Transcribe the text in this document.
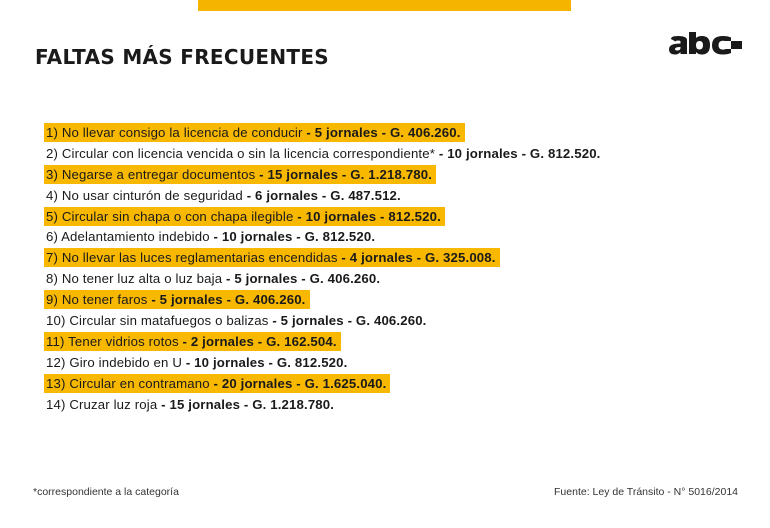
FALTAS MÁS FRECUENTES
1) No llevar consigo la licencia de conducir - 5 jornales - G. 406.260.
2) Circular con licencia vencida o sin la licencia correspondiente* - 10 jornales - G. 812.520.
3) Negarse a entregar documentos - 15 jornales - G. 1.218.780.
4) No usar cinturón de seguridad - 6 jornales - G. 487.512.
5) Circular sin chapa o con chapa ilegible - 10 jornales - 812.520.
6) Adelantamiento indebido - 10 jornales - G. 812.520.
7) No llevar las luces reglamentarias encendidas - 4 jornales - G. 325.008.
8) No tener luz alta o luz baja - 5 jornales - G. 406.260.
9) No tener faros - 5 jornales - G. 406.260.
10) Circular sin matafuegos o balizas - 5 jornales - G. 406.260.
11) Tener vidrios rotos - 2 jornales - G. 162.504.
12) Giro indebido en U - 10 jornales - G. 812.520.
13) Circular en contramano - 20 jornales - G. 1.625.040.
14) Cruzar luz roja - 15 jornales - G. 1.218.780.
*correspondiente a la categoría	Fuente: Ley de Tránsito - N° 5016/2014
